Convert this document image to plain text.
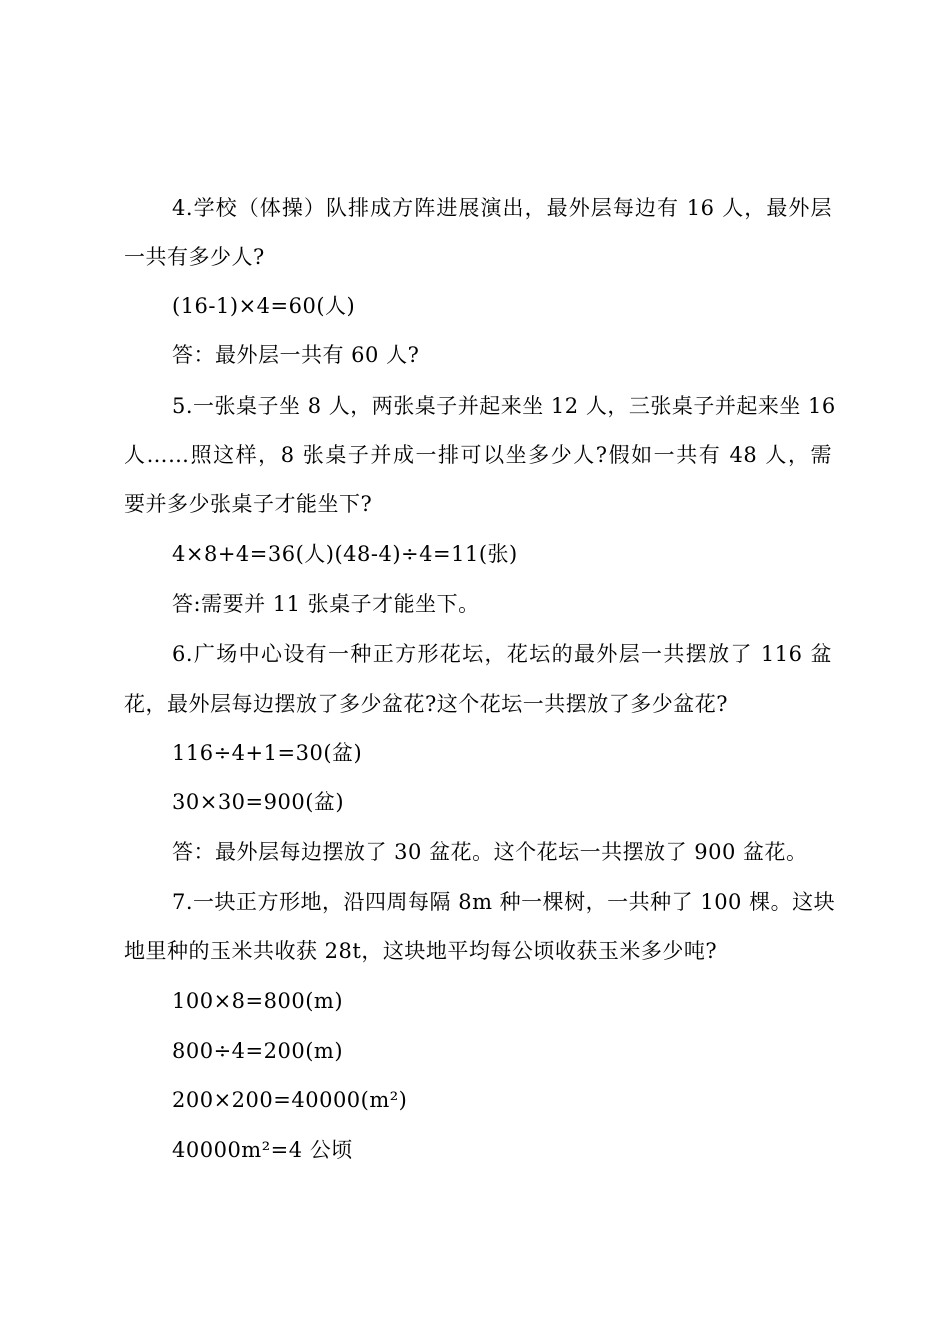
4.学校（体操）队排成方阵进展演出，最外层每边有 16 人，最外层
一共有多少人?
(16-1)×4=60(人)
答：最外层一共有 60 人?
5.一张桌子坐 8 人，两张桌子并起来坐 12 人，三张桌子并起来坐 16
人……照这样，8 张桌子并成一排可以坐多少人?假如一共有 48 人，需
要并多少张桌子才能坐下?
4×8+4=36(人)(48-4)÷4=11(张)
答:需要并 11 张桌子才能坐下。
6.广场中心设有一种正方形花坛，花坛的最外层一共摆放了 116 盆
花，最外层每边摆放了多少盆花?这个花坛一共摆放了多少盆花?
116÷4+1=30(盆)
30×30=900(盆)
答：最外层每边摆放了 30 盆花。这个花坛一共摆放了 900 盆花。
7.一块正方形地，沿四周每隔 8m 种一棵树，一共种了 100 棵。这块
地里种的玉米共收获 28t，这块地平均每公顷收获玉米多少吨?
100×8=800(m)
800÷4=200(m)
200×200=40000(m²)
40000m²=4 公顷
